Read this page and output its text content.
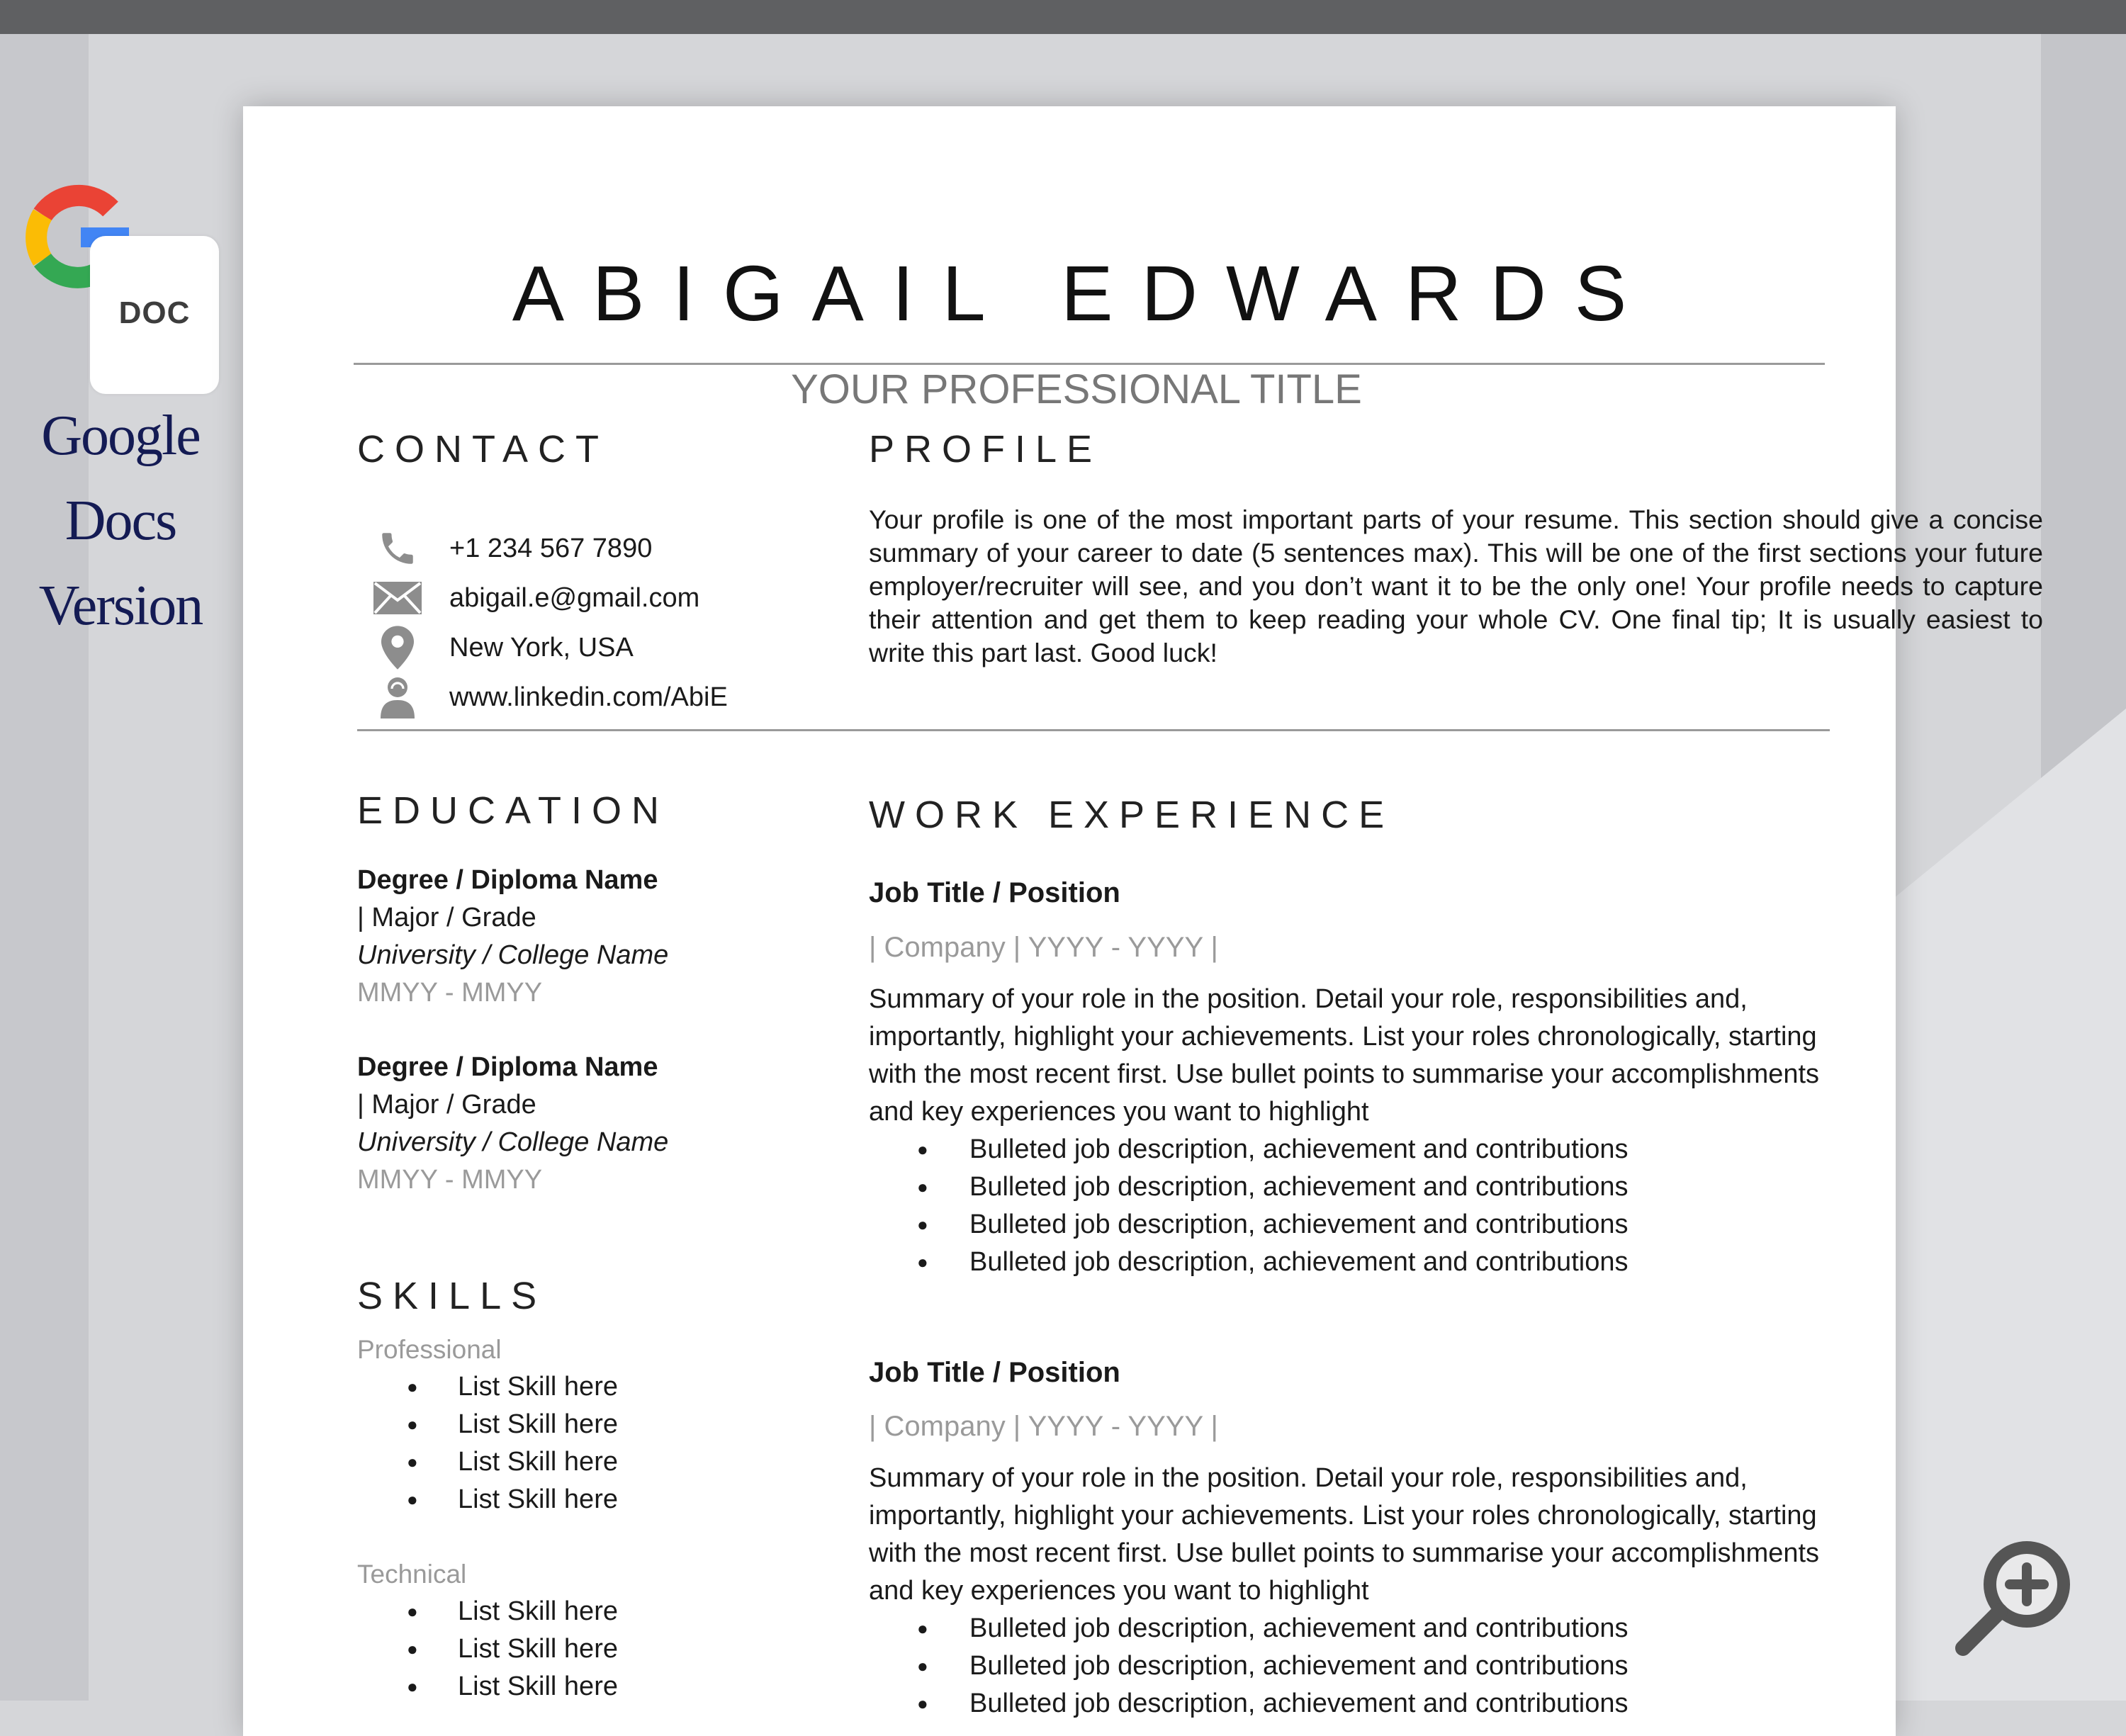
DOC
Google
Docs
Version
ABIGAIL EDWARDS
YOUR PROFESSIONAL TITLE
CONTACT
+1 234 567 7890
abigail.e@gmail.com
New York, USA
www.linkedin.com/AbiE
PROFILE
Your profile is one of the most important parts of your resume. This section should give a concise summary of your career to date (5 sentences max). This will be one of the first sections your future employer/recruiter will see, and you don’t want it to be the only one! Your profile needs to capture their attention and get them to keep reading your whole CV. One final tip; It is usually easiest to write this part last. Good luck!
EDUCATION
Degree / Diploma Name
| Major / Grade
University / College Name
MMYY - MMYY
Degree / Diploma Name
| Major / Grade
University / College Name
MMYY - MMYY
SKILLS
Professional
● List Skill here
● List Skill here
● List Skill here
● List Skill here
Technical
● List Skill here
● List Skill here
● List Skill here
WORK EXPERIENCE
Job Title / Position
| Company | YYYY - YYYY |
Summary of your role in the position. Detail your role, responsibilities and, importantly, highlight your achievements. List your roles chronologically, starting with the most recent first. Use bullet points to summarise your accomplishments and key experiences you want to highlight
● Bulleted job description, achievement and contributions
● Bulleted job description, achievement and contributions
● Bulleted job description, achievement and contributions
● Bulleted job description, achievement and contributions
Job Title / Position
| Company | YYYY - YYYY |
Summary of your role in the position. Detail your role, responsibilities and, importantly, highlight your achievements. List your roles chronologically, starting with the most recent first. Use bullet points to summarise your accomplishments and key experiences you want to highlight
● Bulleted job description, achievement and contributions
● Bulleted job description, achievement and contributions
● Bulleted job description, achievement and contributions
